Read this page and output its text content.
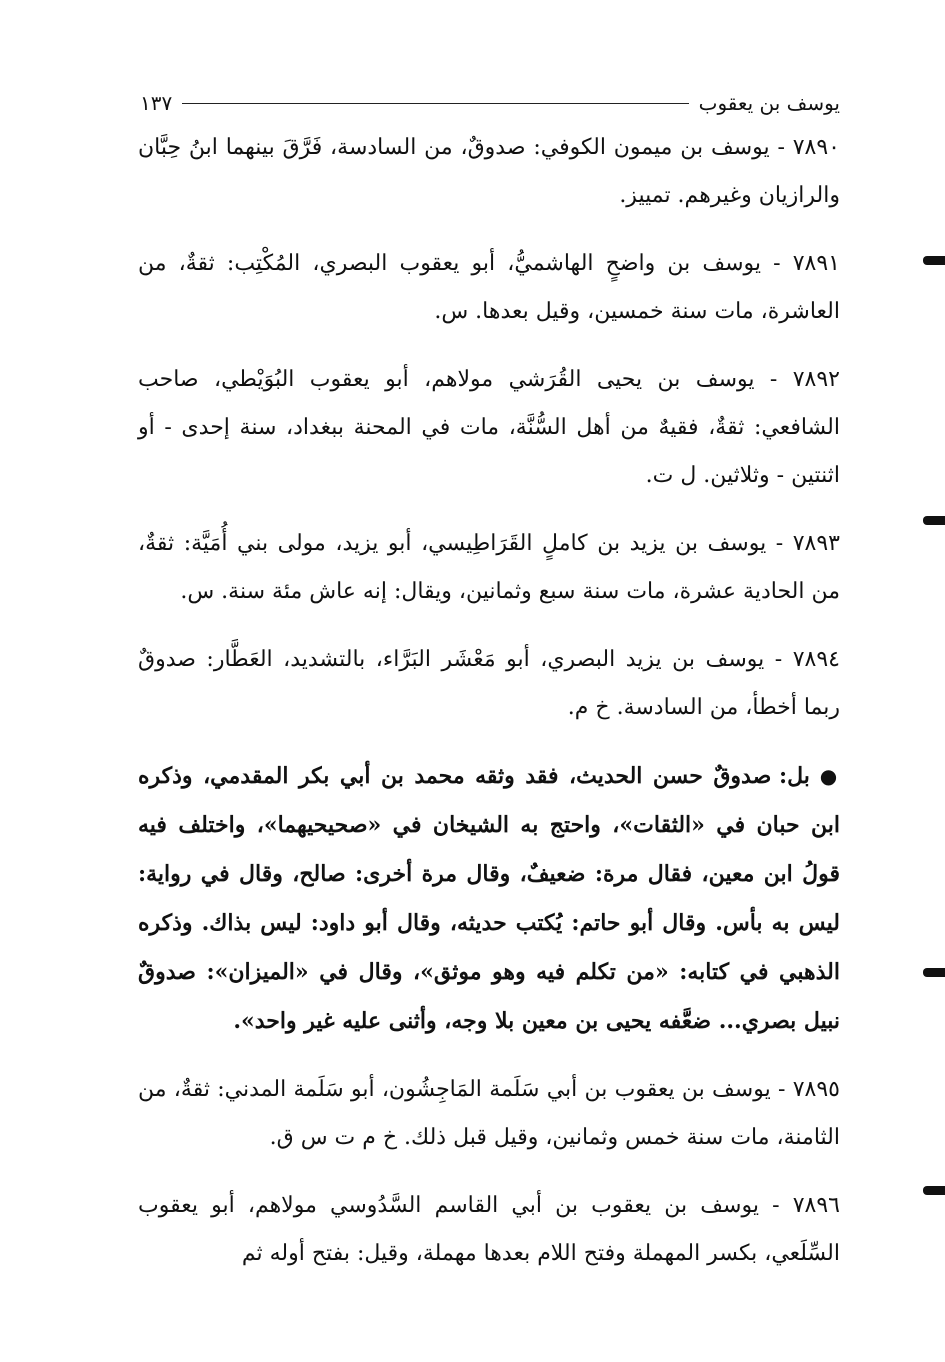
يوسف بن يعقوب
١٣٧

٧٨٩٠ - يوسف بن ميمون الكوفي: صدوقٌ، من السادسة، فَرَّقَ بينهما ابنُ حِبَّان والرازيان وغيرهم. تمييز.

٧٨٩١ - يوسف بن واضحٍ الهاشميُّ، أبو يعقوب البصري، المُكْتِب: ثقةٌ، من العاشرة، مات سنة خمسين، وقيل بعدها. س.

٧٨٩٢ - يوسف بن يحيى القُرَشي مولاهم، أبو يعقوب البُوَيْطي، صاحب الشافعي: ثقةٌ، فقيهٌ من أهل السُّنَّة، مات في المحنة ببغداد، سنة إحدى - أو اثنتين - وثلاثين. ل ت.

٧٨٩٣ - يوسف بن يزيد بن كاملٍ القَرَاطِيسي، أبو يزيد، مولى بني أُمَيَّة: ثقةٌ، من الحادية عشرة، مات سنة سبع وثمانين، ويقال: إنه عاش مئة سنة. س.

٧٨٩٤ - يوسف بن يزيد البصري، أبو مَعْشَر البَرَّاء، بالتشديد، العَطَّار: صدوقٌ ربما أخطأ، من السادسة. خ م.

● بل: صدوقٌ حسن الحديث، فقد وثقه محمد بن أبي بكر المقدمي، وذكره ابن حبان في «الثقات»، واحتج به الشيخان في «صحيحيهما»، واختلف فيه قولُ ابن معين، فقال مرة: ضعيفٌ، وقال مرة أخرى: صالح، وقال في رواية: ليس به بأس. وقال أبو حاتم: يُكتب حديثه، وقال أبو داود: ليس بذاك. وذكره الذهبي في كتابه: «من تكلم فيه وهو موثق»، وقال في «الميزان»: صدوقٌ نبيل بصري... ضعَّفه يحيى بن معين بلا وجه، وأثنى عليه غير واحد».

٧٨٩٥ - يوسف بن يعقوب بن أبي سَلَمة المَاجِشُون، أبو سَلَمة المدني: ثقةٌ، من الثامنة، مات سنة خمس وثمانين، وقيل قبل ذلك. خ م ت س ق.

٧٨٩٦ - يوسف بن يعقوب بن أبي القاسم السَّدُوسي مولاهم، أبو يعقوب السِّلَعي، بكسر المهملة وفتح اللام بعدها مهملة، وقيل: بفتح أوله ثم
